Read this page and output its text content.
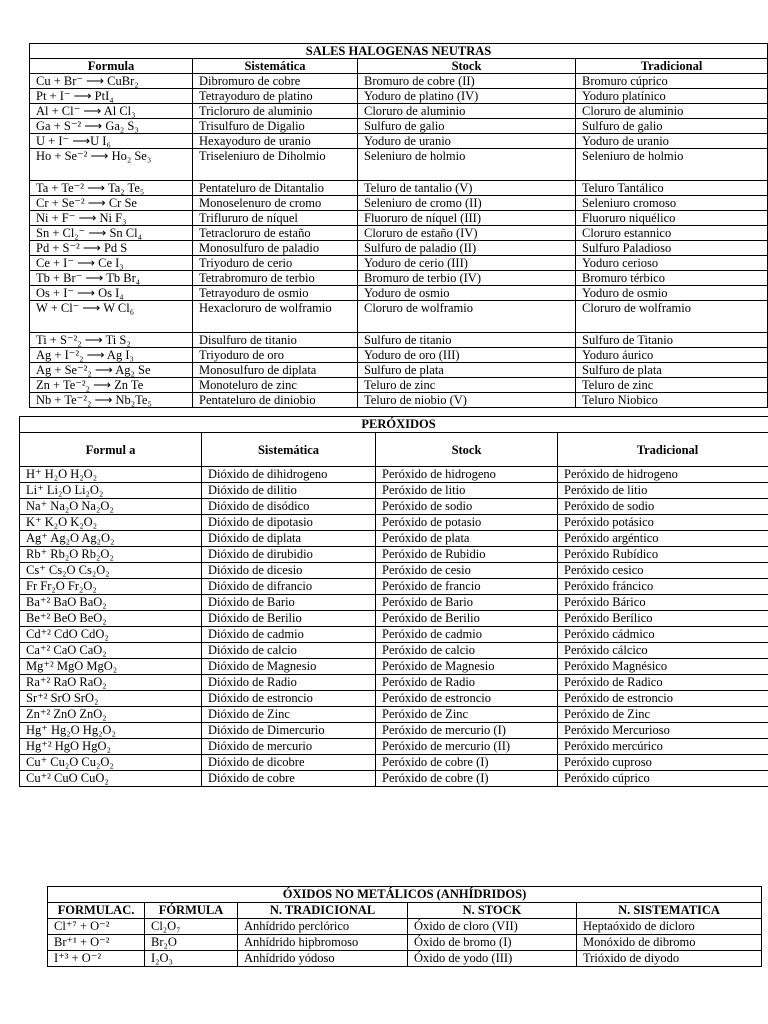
SALES HALOGENAS NEUTRAS			
Formula	Sistemática	Stock	Tradicional
Cu + Br⁻ ⟶ CuBr₂	Dibromuro de cobre	Bromuro de cobre (II)	Bromuro cúprico
Pt + I⁻ ⟶ PtI₄	Tetrayoduro de platino	Yoduro de platino (IV)	Yoduro platínico
Al + Cl⁻ ⟶ Al Cl₃	Tricloruro de aluminio	Cloruro de aluminio	Cloruro de aluminio
Ga + S⁻² ⟶ Ga₂ S₃	Trisulfuro de Digalio	Sulfuro de galio	Sulfuro de galio
U + I⁻ ⟶U I₆	Hexayoduro de uranio	Yoduro de uranio	Yoduro de uranio
Ho + Se⁻² ⟶ Ho₂ Se₃	Triseleniuro de Diholmio	Seleniuro de holmio	Seleniuro de holmio
Ta + Te⁻² ⟶ Ta₂ Te₅	Pentateluro de Ditantalio	Teluro de tantalio (V)	Teluro Tantálico
Cr + Se⁻² ⟶ Cr Se	Monoselenuro de cromo	Seleniuro de cromo (II)	Seleniuro cromoso
Ni + F⁻ ⟶ Ni F₃	Triflururo de níquel	Fluoruro de níquel (III)	Fluoruro niquélico
Sn + Cl₂⁻ ⟶ Sn Cl₄	Tetracloruro de estaño	Cloruro de estaño (IV)	Cloruro estannico
Pd + S⁻² ⟶ Pd S	Monosulfuro de paladio	Sulfuro de paladio (II)	Sulfuro Paladioso
Ce + I⁻ ⟶ Ce I₃	Triyoduro de cerio	Yoduro de cerio (III)	Yoduro cerioso
Tb + Br⁻ ⟶ Tb Br₄	Tetrabromuro de terbio	Bromuro de terbio (IV)	Bromuro térbico
Os + I⁻ ⟶ Os I₄	Tetrayoduro de osmio	Yoduro de osmio	Yoduro de osmio
W + Cl⁻ ⟶ W Cl₆	Hexacloruro de wolframio	Cloruro de wolframio	Cloruro de wolframio
Ti + S⁻²₂ ⟶ Ti S₂	Disulfuro de titanio	Sulfuro de titanio	Sulfuro de Titanio
Ag + I⁻²₂ ⟶ Ag I₃	Triyoduro de oro	Yoduro de oro (III)	Yoduro áurico
Ag + Se⁻²₂ ⟶ Ag₂ Se	Monosulfuro de diplata	Sulfuro de plata	Sulfuro de plata
Zn + Te⁻²₂ ⟶ Zn Te	Monoteluro de zinc	Teluro de zinc	Teluro de zinc
Nb + Te⁻²₂ ⟶ Nb₂Te₅	Pentateluro de diniobio	Teluro de niobio (V)	Teluro Niobico
PERÓXIDOS			
Formul a	Sistemática	Stock	Tradicional
H⁺ H₂O H₂O₂	Dióxido de dihidrogeno	Peróxido de hidrogeno	Peróxido de hidrogeno
Li⁺ Li₂O Li₂O₂	Dióxido de dilitio	Peróxido de litio	Peróxido de litio
Na⁺ Na₂O Na₂O₂	Dióxido de disódico	Peróxido de sodio	Peróxido de sodio
K⁺ K₂O K₂O₂	Dióxido de dipotasio	Peróxido de potasio	Peróxido potásico
Ag⁺ Ag₂O Ag₂O₂	Dióxido de diplata	Peróxido de plata	Peróxido argéntico
Rb⁺ Rb₂O Rb₂O₂	Dióxido de dirubidio	Peróxido de Rubidio	Peróxido Rubídico
Cs⁺ Cs₂O Cs₂O₂	Dióxido de dicesio	Peróxido de cesio	Peróxido cesico
Fr Fr₂O Fr₂O₂	Dióxido de difrancio	Peróxido de francio	Peróxido fráncico
Ba⁺² BaO BaO₂	Dióxido de Bario	Peróxido de Bario	Peróxido Bárico
Be⁺² BeO BeO₂	Dióxido de Berilio	Peróxido de Berilio	Peróxido Berílico
Cd⁺² CdO CdO₂	Dióxido de cadmio	Peróxido de cadmio	Peróxido cádmico
Ca⁺² CaO CaO₂	Dióxido de calcio	Peróxido de calcio	Peróxido cálcico
Mg⁺² MgO MgO₂	Dióxido de Magnesio	Peróxido de Magnesio	Peróxido Magnésico
Ra⁺² RaO RaO₂	Dióxido de Radio	Peróxido de Radio	Peróxido de Radico
Sr⁺² SrO SrO₂	Dióxido de estroncio	Peróxido de estroncio	Peróxido de estroncio
Zn⁺² ZnO ZnO₂	Dióxido de Zinc	Peróxido de Zinc	Peróxido de Zinc
Hg⁺ Hg₂O Hg₂O₂	Dióxido de Dimercurio	Peróxido de mercurio (I)	Peróxido Mercurioso
Hg⁺² HgO HgO₂	Dióxido de mercurio	Peróxido de mercurio (II)	Peróxido mercúrico
Cu⁺ Cu₂O Cu₂O₂	Dióxido de dicobre	Peróxido de cobre (I)	Peróxido cuproso
Cu⁺² CuO CuO₂	Dióxido de cobre	Peróxido de cobre (I)	Peróxido cúprico
ÓXIDOS NO METÁLICOS (ANHÍDRIDOS)				
FORMULAC.	FÓRMULA	N. TRADICIONAL	N. STOCK	N. SISTEMATICA
Cl⁺⁷ + O⁻²	Cl₂O₇	Anhídrido perclórico	Óxido de cloro (VII)	Heptaóxido de dicloro
Br⁺¹ + O⁻²	Br₂O	Anhídrido hipbromoso	Óxido de bromo (I)	Monóxido de dibromo
I⁺³ + O⁻²	I₂O₃	Anhídrido yódoso	Óxido de yodo (III)	Trióxido de diyodo
